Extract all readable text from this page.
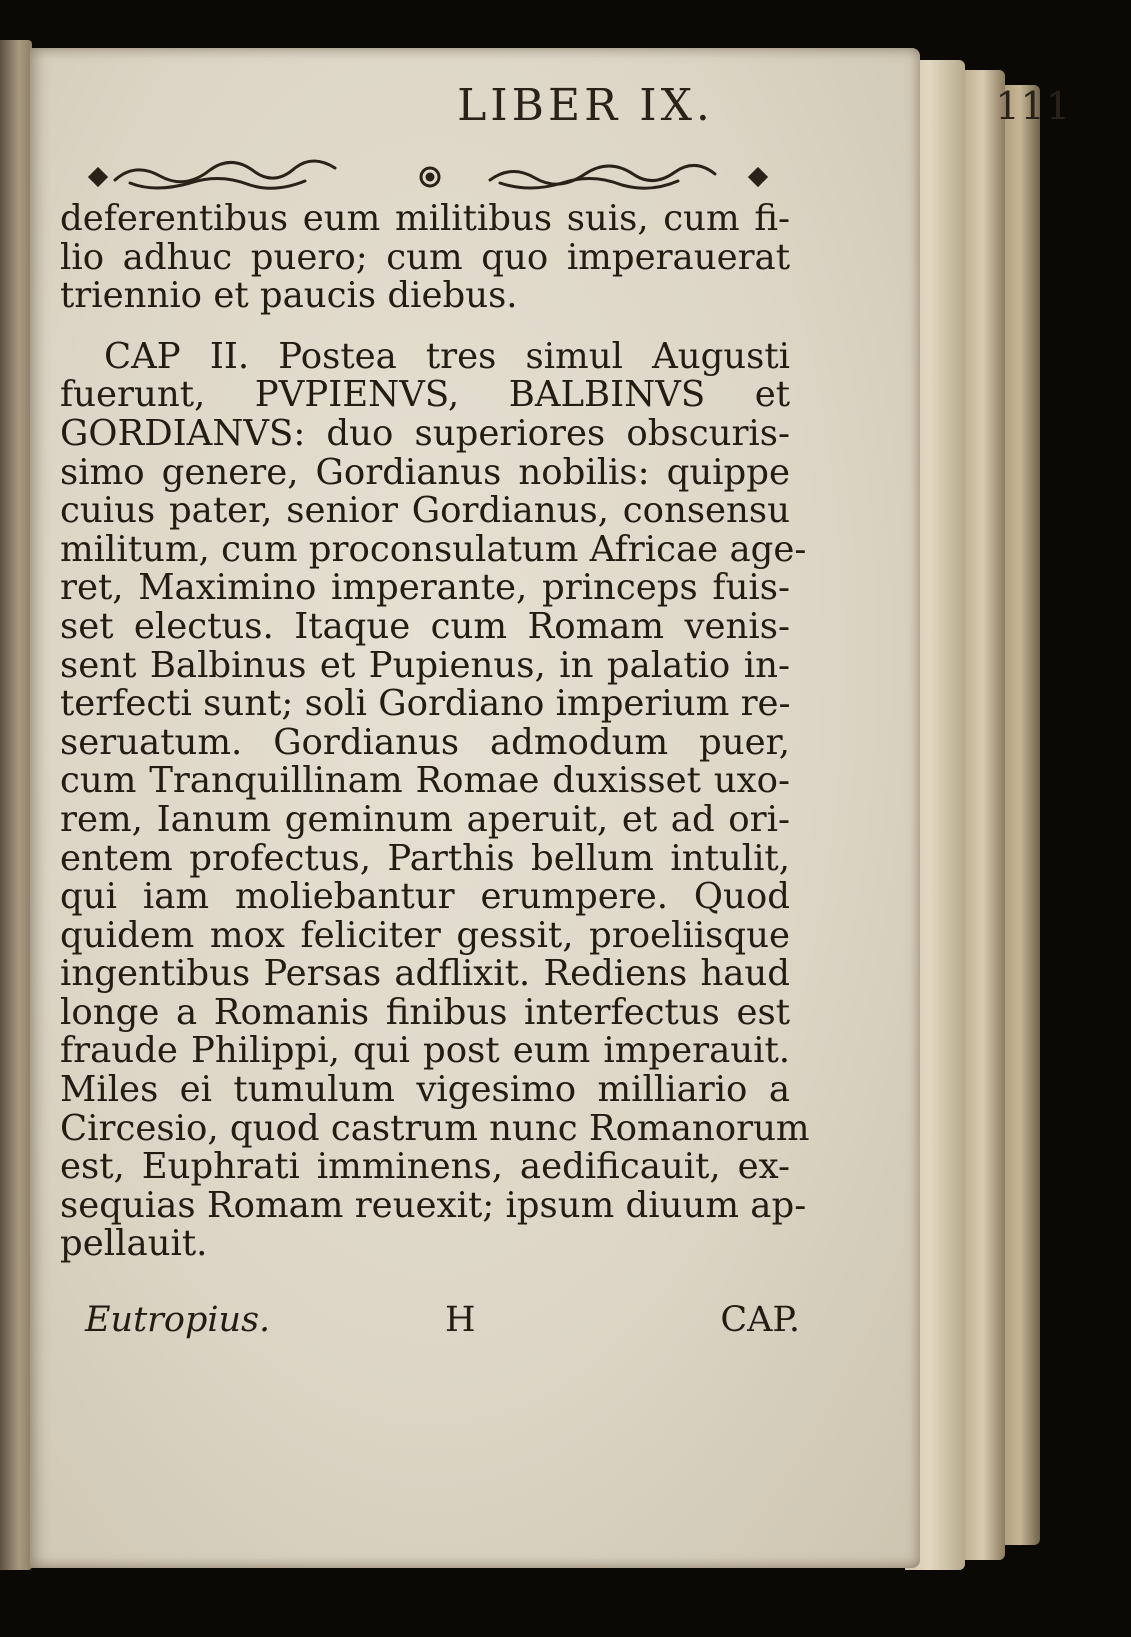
LIBER IX.	111
deferentibus eum militibus suis, cum fi-
lio adhuc puero; cum quo imperauerat
triennio et paucis diebus.
CAP II. Postea tres simul Augusti
fuerunt, PVPIENVS, BALBINVS et
GORDIANVS: duo superiores obscuris-
simo genere, Gordianus nobilis: quippe
cuius pater, senior Gordianus, consensu
militum, cum proconsulatum Africae age-
ret, Maximino imperante, princeps fuis-
set electus. Itaque cum Romam venis-
sent Balbinus et Pupienus, in palatio in-
terfecti sunt; soli Gordiano imperium re-
seruatum. Gordianus admodum puer,
cum Tranquillinam Romae duxisset uxo-
rem, Ianum geminum aperuit, et ad ori-
entem profectus, Parthis bellum intulit,
qui iam moliebantur erumpere. Quod
quidem mox feliciter gessit, proeliisque
ingentibus Persas adflixit. Rediens haud
longe a Romanis finibus interfectus est
fraude Philippi, qui post eum imperauit.
Miles ei tumulum vigesimo milliario a
Circesio, quod castrum nunc Romanorum
est, Euphrati imminens, aedificauit, ex-
sequias Romam reuexit; ipsum diuum ap-
pellauit.
Eutropius.	H	CAP.
